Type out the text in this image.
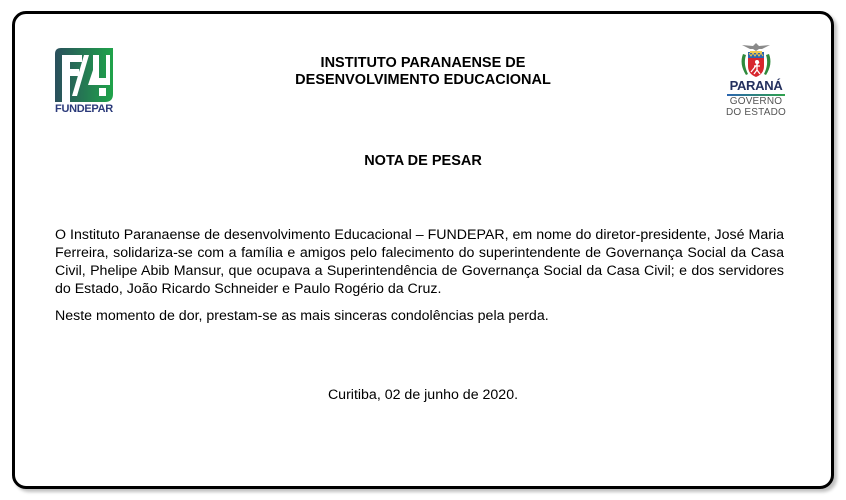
FUNDEPAR
INSTITUTO PARANAENSE DE
DESENVOLVIMENTO EDUCACIONAL	PARANÁ
GOVERNO
DO ESTADO
NOTA DE PESAR

O Instituto Paranaense de desenvolvimento Educacional – FUNDEPAR, em nome do diretor-presidente, José Maria Ferreira, solidariza-se com a família e amigos pelo falecimento do superintendente de Governança Social da Casa Civil, Phelipe Abib Mansur, que ocupava a Superintendência de Governança Social da Casa Civil; e dos servidores do Estado, João Ricardo Schneider e Paulo Rogério da Cruz.

Neste momento de dor, prestam-se as mais sinceras condolências pela perda.

Curitiba, 02 de junho de 2020.
